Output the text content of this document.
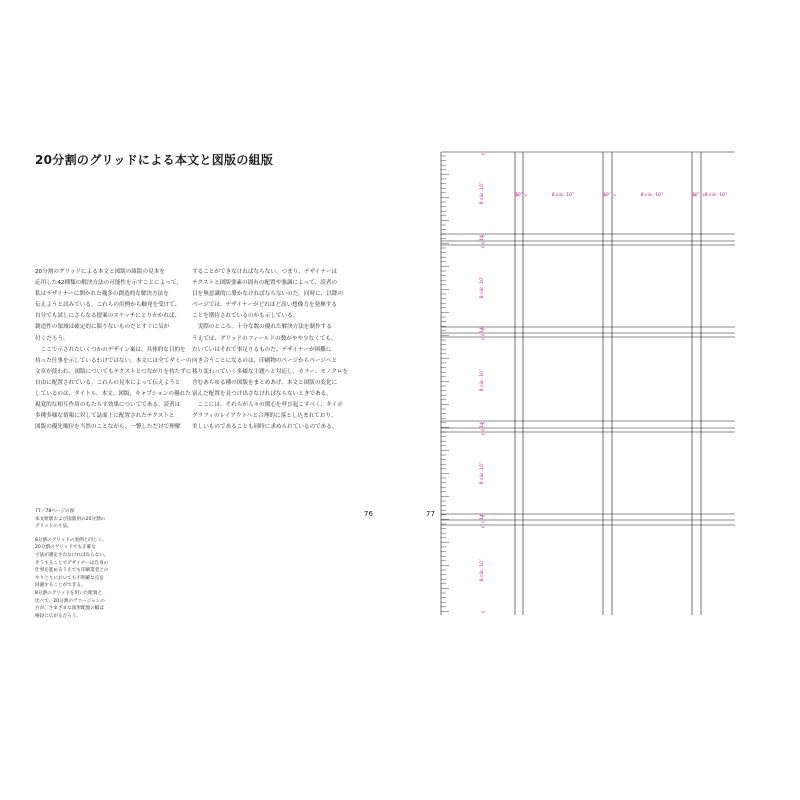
20分割のグリッドによる本文と図版の組版

20分割のグリッドによる本文と図版の組版の見本を

応用した42種類の解決方法の可能性を示すことによって、

私はデザイナーに開かれた幾多の創造的な解決方法を

伝えようと試みている。これらの用例から触発を受けて、

自分でも試しにさらなる提案のスケッチにとりかかれば、

創造性の領域は確定的に限りないものだとすぐに気が

付くだろう。

　ここで示されたいくつかのデザイン案は、具体的な目的を

持った仕事を示しているわけではない。本文には全てダミーの

文章が使われ、図版についてもテクストとつながりを持たずに

自由に配置されている。これらの見本によって伝えようと

しているのは、タイトル、本文、図版、キャプションの優れた

視覚的な相互作用のもたらす効果についてである。読者は

多種多様な情報に対して誌面上に配置されたテクストと

図版の優先順位を当然のことながら、一瞥しただけで理解

することができなければならない。つまり、デザイナーは

テクストと図版要素の固有の配置や強調によって、読者の

目を無意識的に導かなければならないのだ。同時に、以降の

ページでは、デザイナーがどれほど高い想像力を発揮する

ことを期待されているのかも示している。

　実際のところ、十分な数の優れた解決方法を制作する

うえでは、グリッドのフィールドの数がやや少なくても、

たいていはそれで事足りるものだ。デザイナーが困難に

向き合うことになるのは、印刷物のページからページへと

移り変わっていく多様な主題へと対応し、カラー、モノクロを

含むあらゆる種の図版をまとめあげ、本文と図版の変化に

富んだ配置を見つけ出さなければならないときである。

　ここには、それらが人々の関心を呼び起こすべく、タイポ

グラフィのレイアウトへと合理的に落とし込まれており、

美しいものであることも同時に求められているのである。

76	77

77／78ページの図

本文組版および図版用の20分割の

グリッドの寸法。

8分割のグリッドの実例と同じく、

20分割のグリッドでも正確な

寸法が測定されなければならない。

そうすることでデザイナーは自身の

仕事を進めるうえでも印刷業者との

やりとりにおいても不明確な点を

回避することができる。

8分割のグリッドを用いた配置と

比べて、20分割のヴァージョンの

方が、さまざまな図形配置の幅は

格段に広がるだろう。

10˚	8 ciic. 10˚	10˚	8 ciic. 10˚	10˚ 8 ciic. 10˚
8 ciic. 10˚
14
8 ciic. 10˚
14
8 ciic. 10˚
14
8 ciic. 10˚
14
8 ciic. 10˚
